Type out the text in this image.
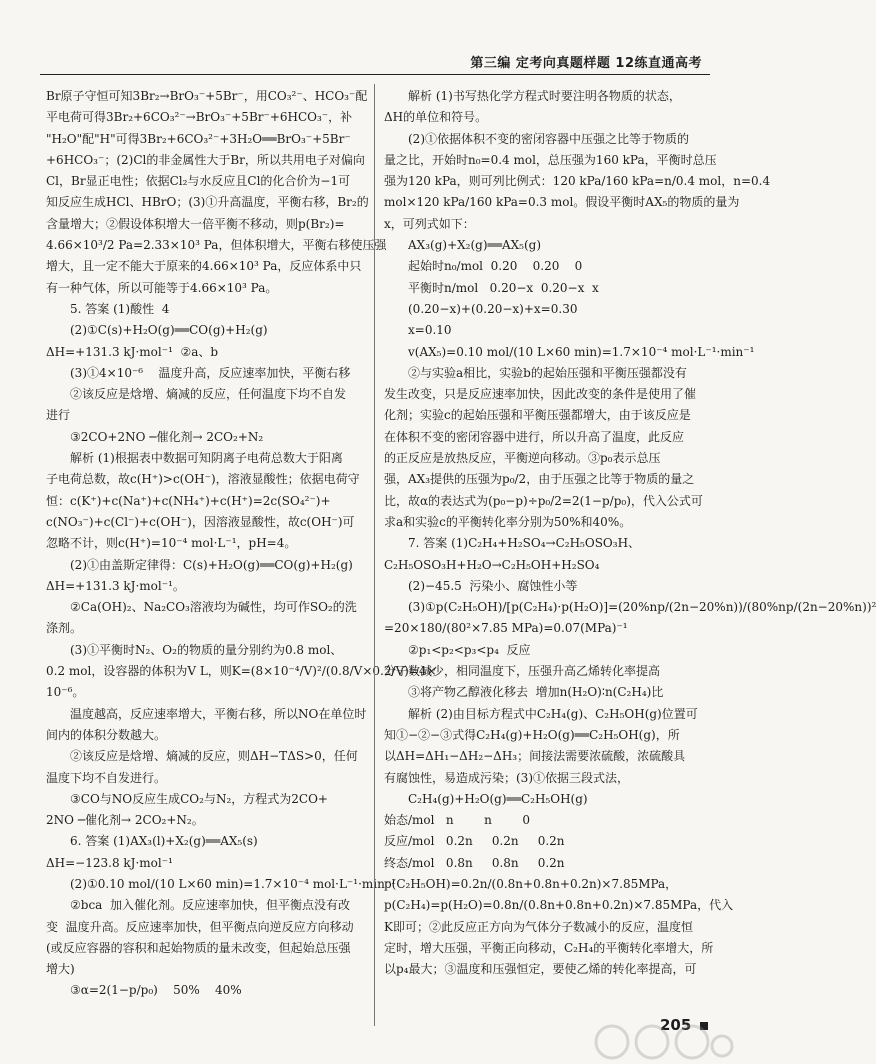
第三编 定考向真题样题 12练直通高考
Br原子守恒可知3Br₂→BrO₃⁻+5Br⁻，用CO₃²⁻、HCO₃⁻配
平电荷可得3Br₂+6CO₃²⁻→BrO₃⁻+5Br⁻+6HCO₃⁻，补
"H₂O"配"H"可得3Br₂+6CO₃²⁻+3H₂O══BrO₃⁻+5Br⁻
+6HCO₃⁻；(2)Cl的非金属性大于Br，所以共用电子对偏向
Cl，Br显正电性；依据Cl₂与水反应且Cl的化合价为−1可
知反应生成HCl、HBrO；(3)①升高温度，平衡右移，Br₂的
含量增大；②假设体积增大一倍平衡不移动，则p(Br₂)=
4.66×10³/2 Pa=2.33×10³ Pa，但体积增大，平衡右移使压强
增大，且一定不能大于原来的4.66×10³ Pa，反应体系中只
有一种气体，所以可能等于4.66×10³ Pa。
5. 答案 (1)酸性  4
(2)①C(s)+H₂O(g)══CO(g)+H₂(g)
ΔH=+131.3 kJ·mol⁻¹  ②a、b
(3)①4×10⁻⁶    温度升高，反应速率加快，平衡右移
②该反应是焓增、熵减的反应，任何温度下均不自发
进行
③2CO+2NO ─催化剂→ 2CO₂+N₂
解析 (1)根据表中数据可知阴离子电荷总数大于阳离
子电荷总数，故c(H⁺)>c(OH⁻)，溶液显酸性；依据电荷守
恒：c(K⁺)+c(Na⁺)+c(NH₄⁺)+c(H⁺)=2c(SO₄²⁻)+
c(NO₃⁻)+c(Cl⁻)+c(OH⁻)，因溶液显酸性，故c(OH⁻)可
忽略不计，则c(H⁺)=10⁻⁴ mol·L⁻¹，pH=4。
(2)①由盖斯定律得：C(s)+H₂O(g)══CO(g)+H₂(g)
ΔH=+131.3 kJ·mol⁻¹。
②Ca(OH)₂、Na₂CO₃溶液均为碱性，均可作SO₂的洗
涤剂。
(3)①平衡时N₂、O₂的物质的量分别约为0.8 mol、
0.2 mol，设容器的体积为V L，则K=(8×10⁻⁴/V)²/(0.8/V×0.2/V)=4×
10⁻⁶。
温度越高，反应速率增大，平衡右移，所以NO在单位时
间内的体积分数越大。
②该反应是焓增、熵减的反应，则ΔH−TΔS>0，任何
温度下均不自发进行。
③CO与NO反应生成CO₂与N₂，方程式为2CO+
2NO ─催化剂→ 2CO₂+N₂。
6. 答案 (1)AX₃(l)+X₂(g)══AX₅(s)
ΔH=−123.8 kJ·mol⁻¹
(2)①0.10 mol/(10 L×60 min)=1.7×10⁻⁴ mol·L⁻¹·min⁻¹
②bca  加入催化剂。反应速率加快，但平衡点没有改
变  温度升高。反应速率加快，但平衡点向逆反应方向移动
(或反应容器的容积和起始物质的量未改变，但起始总压强
增大)
③α=2(1−p/p₀)    50%    40%
解析 (1)书写热化学方程式时要注明各物质的状态，
ΔH的单位和符号。
(2)①依据体积不变的密闭容器中压强之比等于物质的
量之比，开始时n₀=0.4 mol，总压强为160 kPa，平衡时总压
强为120 kPa，则可列比例式：120 kPa/160 kPa=n/0.4 mol，n=0.4
mol×120 kPa/160 kPa=0.3 mol。假设平衡时AX₅的物质的量为
x，可列式如下：
AX₃(g)+X₂(g)══AX₅(g)
起始时n₀/mol  0.20    0.20    0
平衡时n/mol   0.20−x  0.20−x  x
(0.20−x)+(0.20−x)+x=0.30
x=0.10
v(AX₅)=0.10 mol/(10 L×60 min)=1.7×10⁻⁴ mol·L⁻¹·min⁻¹
②与实验a相比，实验b的起始压强和平衡压强都没有
发生改变，只是反应速率加快，因此改变的条件是使用了催
化剂；实验c的起始压强和平衡压强都增大，由于该反应是
在体积不变的密闭容器中进行，所以升高了温度，此反应
的正反应是放热反应，平衡逆向移动。③p₀表示总压
强，AX₃提供的压强为p₀/2，由于压强之比等于物质的量之
比，故α的表达式为(p₀−p)÷p₀/2=2(1−p/p₀)，代入公式可
求a和实验c的平衡转化率分别为50%和40%。
7. 答案 (1)C₂H₄+H₂SO₄→C₂H₅OSO₃H、
C₂H₅OSO₃H+H₂O→C₂H₅OH+H₂SO₄
(2)−45.5  污染小、腐蚀性小等
(3)①p(C₂H₅OH)/[p(C₂H₄)·p(H₂O)]=(20%np/(2n−20%n))/(80%np/(2n−20%n))²
=20×180/(80²×7.85 MPa)=0.07(MPa)⁻¹
②p₁<p₂<p₃<p₄  反应
分子数减少，相同温度下，压强升高乙烯转化率提高
③将产物乙醇液化移去  增加n(H₂O)∶n(C₂H₄)比
解析 (2)由目标方程式中C₂H₄(g)、C₂H₅OH(g)位置可
知①−②−③式得C₂H₄(g)+H₂O(g)══C₂H₅OH(g)，所
以ΔH=ΔH₁−ΔH₂−ΔH₃；间接法需要浓硫酸，浓硫酸具
有腐蚀性，易造成污染；(3)①依据三段式法，
C₂H₄(g)+H₂O(g)══C₂H₅OH(g)
始态/mol   n        n        0
反应/mol   0.2n     0.2n     0.2n
终态/mol   0.8n     0.8n     0.2n
p(C₂H₅OH)=0.2n/(0.8n+0.8n+0.2n)×7.85MPa，
p(C₂H₄)=p(H₂O)=0.8n/(0.8n+0.8n+0.2n)×7.85MPa，代入
K即可；②此反应正方向为气体分子数减小的反应，温度恒
定时，增大压强，平衡正向移动，C₂H₄的平衡转化率增大，所
以p₄最大；③温度和压强恒定，要使乙烯的转化率提高，可
205
